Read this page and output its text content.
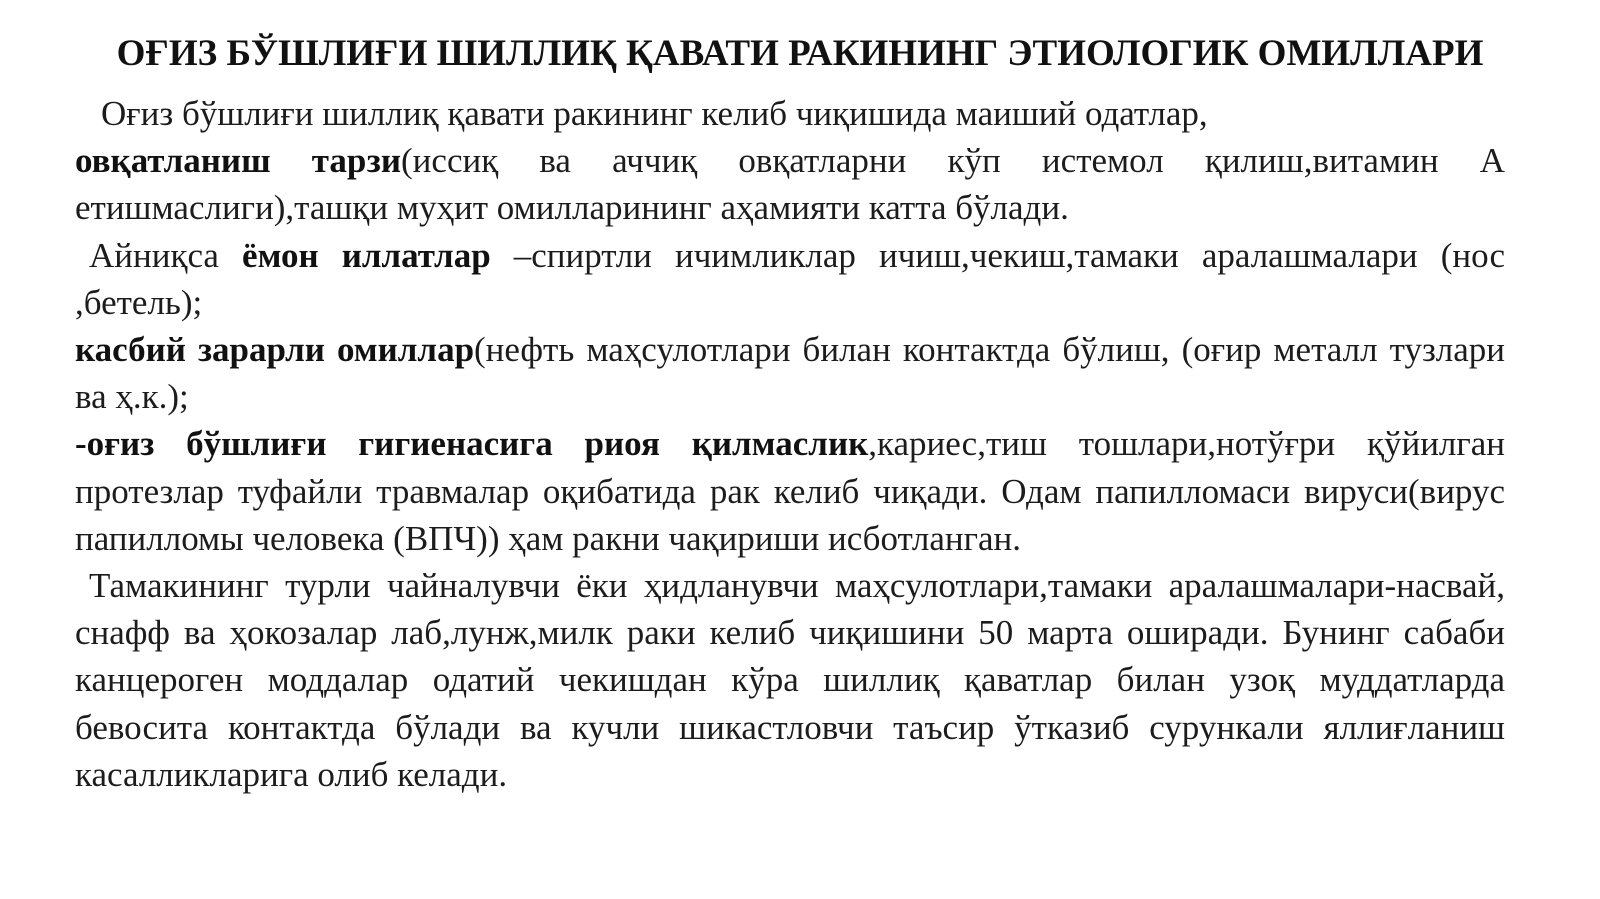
ОҒИЗ БЎШЛИҒИ ШИЛЛИҚ ҚАВАТИ РАКИНИНГ ЭТИОЛОГИК ОМИЛЛАРИ

Оғиз бўшлиғи шиллиқ қавати ракининг келиб чиқишида маиший одатлар,

овқатланиш тарзи(иссиқ ва аччиқ овқатларни кўп истемол қилиш,витамин А етишмаслиги),ташқи муҳит омилларининг аҳамияти катта бўлади.

Айниқса ёмон иллатлар –спиртли ичимликлар ичиш,чекиш,тамаки аралашмалари (нос ,бетель);

касбий зарарли омиллар(нефть маҳсулотлари билан контактда бўлиш, (оғир металл тузлари ва ҳ.к.);

-оғиз бўшлиғи гигиенасига риоя қилмаслик,кариес,тиш тошлари,нотўғри қўйилган протезлар туфайли травмалар оқибатида рак келиб чиқади. Одам папилломаси вируси(вирус папилломы человека (ВПЧ)) ҳам ракни чақириши исботланган.

Тамакининг турли чайналувчи ёки ҳидланувчи маҳсулотлари,тамаки аралашмалари-насвай, снафф ва ҳокозалар лаб,лунж,милк раки келиб чиқишини 50 марта оширади. Бунинг сабаби канцероген моддалар одатий чекишдан кўра шиллиқ қаватлар билан узоқ муддатларда бевосита контактда бўлади ва кучли шикастловчи таъсир ўтказиб сурункали яллиғланиш касалликларига олиб келади.
